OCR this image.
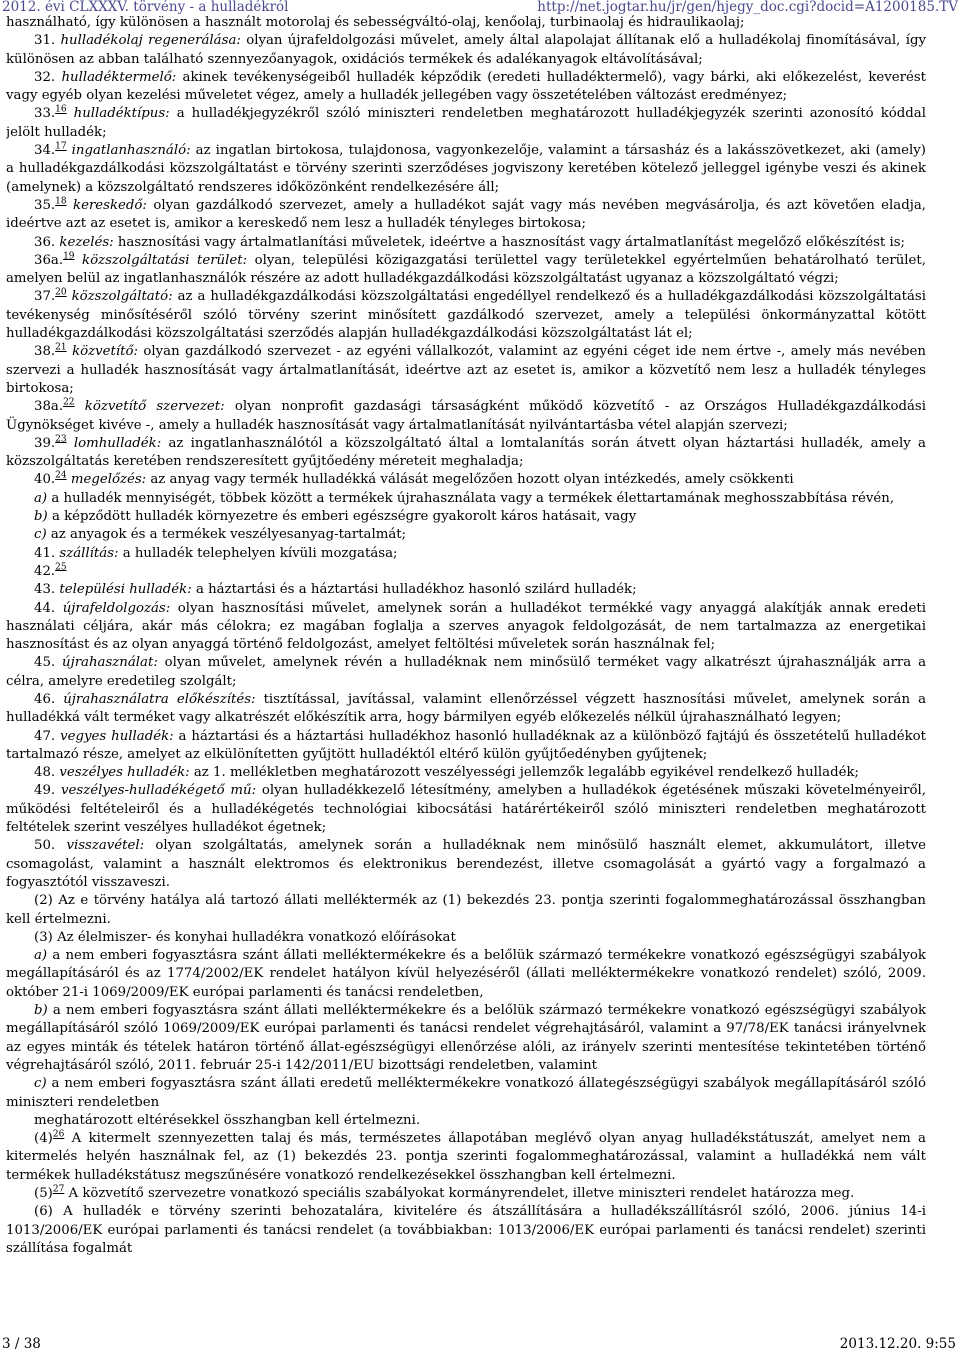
2012. évi CLXXXV. törvény - a hulladékról	http://net.jogtar.hu/jr/gen/hjegy_doc.cgi?docid=A1200185.TV

használható, így különösen a használt motorolaj és sebességváltó-olaj, kenőolaj, turbinaolaj és hidraulikaolaj;

31. hulladékolaj regenerálása: olyan újrafeldolgozási művelet, amely által alapolajat állítanak elő a hulladékolaj finomításával, így különösen az abban található szennyezőanyagok, oxidációs termékek és adalékanyagok eltávolításával;

32. hulladéktermelő: akinek tevékenységeiből hulladék képződik (eredeti hulladéktermelő), vagy bárki, aki előkezelést, keverést vagy egyéb olyan kezelési műveletet végez, amely a hulladék jellegében vagy összetételében változást eredményez;

33.16 hulladéktípus: a hulladékjegyzékről szóló miniszteri rendeletben meghatározott hulladékjegyzék szerinti azonosító kóddal jelölt hulladék;

34.17 ingatlanhasználó: az ingatlan birtokosa, tulajdonosa, vagyonkezelője, valamint a társasház és a lakásszövetkezet, aki (amely) a hulladékgazdálkodási közszolgáltatást e törvény szerinti szerződéses jogviszony keretében kötelező jelleggel igénybe veszi és akinek (amelynek) a közszolgáltató rendszeres időközönként rendelkezésére áll;

35.18 kereskedő: olyan gazdálkodó szervezet, amely a hulladékot saját vagy más nevében megvásárolja, és azt követően eladja, ideértve azt az esetet is, amikor a kereskedő nem lesz a hulladék tényleges birtokosa;

36. kezelés: hasznosítási vagy ártalmatlanítási műveletek, ideértve a hasznosítást vagy ártalmatlanítást megelőző előkészítést is;

36a.$^{19}$ közszolgáltatási terület: olyan, települési közigazgatási területtel vagy területekkel egyértelműen behatárolható terület, amelyen belül az ingatlanhasználók részére az adott hulladékgazdálkodási közszolgáltatást ugyanaz a közszolgáltató végzi;

37.20 közszolgáltató: az a hulladékgazdálkodási közszolgáltatási engedéllyel rendelkező és a hulladékgazdálkodási közszolgáltatási tevékenység minősítéséről szóló törvény szerint minősített gazdálkodó szervezet, amely a települési önkormányzattal kötött hulladékgazdálkodási közszolgáltatási szerződés alapján hulladékgazdálkodási közszolgáltatást lát el;

38.21 közvetítő: olyan gazdálkodó szervezet - az egyéni vállalkozót, valamint az egyéni céget ide nem értve -, amely más nevében szervezi a hulladék hasznosítását vagy ártalmatlanítását, ideértve azt az esetet is, amikor a közvetítő nem lesz a hulladék tényleges birtokosa;

38a.$^{22}$ közvetítő szervezet: olyan nonprofit gazdasági társaságként működő közvetítő - az Országos Hulladékgazdálkodási Ügynökséget kivéve -, amely a hulladék hasznosítását vagy ártalmatlanítását nyilvántartásba vétel alapján szervezi;

39.23 lomhulladék: az ingatlanhasználótól a közszolgáltató által a lomtalanítás során átvett olyan háztartási hulladék, amely a közszolgáltatás keretében rendszeresített gyűjtőedény méreteit meghaladja;

40.24 megelőzés: az anyag vagy termék hulladékká válását megelőzően hozott olyan intézkedés, amely csökkenti

a) a hulladék mennyiségét, többek között a termékek újrahasználata vagy a termékek élettartamának meghosszabbítása révén,

b) a képződött hulladék környezetre és emberi egészségre gyakorolt káros hatásait, vagy

c) az anyagok és a termékek veszélyesanyag-tartalmát;

41. szállítás: a hulladék telephelyen kívüli mozgatása;

42.25

43. települési hulladék: a háztartási és a háztartási hulladékhoz hasonló szilárd hulladék;

44. újrafeldolgozás: olyan hasznosítási művelet, amelynek során a hulladékot termékké vagy anyaggá alakítják annak eredeti használati céljára, akár más célokra; ez magában foglalja a szerves anyagok feldolgozását, de nem tartalmazza az energetikai hasznosítást és az olyan anyaggá történő feldolgozást, amelyet feltöltési műveletek során használnak fel;

45. újrahasználat: olyan művelet, amelynek révén a hulladéknak nem minősülő terméket vagy alkatrészt újrahasználják arra a célra, amelyre eredetileg szolgált;

46. újrahasználatra előkészítés: tisztítással, javítással, valamint ellenőrzéssel végzett hasznosítási művelet, amelynek során a hulladékká vált terméket vagy alkatrészét előkészítik arra, hogy bármilyen egyéb előkezelés nélkül újrahasználható legyen;

47. vegyes hulladék: a háztartási és a háztartási hulladékhoz hasonló hulladéknak az a különböző fajtájú és összetételű hulladékot tartalmazó része, amelyet az elkülönítetten gyűjtött hulladéktól eltérő külön gyűjtőedényben gyűjtenek;

48. veszélyes hulladék: az 1. mellékletben meghatározott veszélyességi jellemzők legalább egyikével rendelkező hulladék;

49. veszélyes-hulladékégető mű: olyan hulladékkezelő létesítmény, amelyben a hulladékok égetésének műszaki követelményeiről, működési feltételeiről és a hulladékégetés technológiai kibocsátási határértékeiről szóló miniszteri rendeletben meghatározott feltételek szerint veszélyes hulladékot égetnek;

50. visszavétel: olyan szolgáltatás, amelynek során a hulladéknak nem minősülő használt elemet, akkumulátort, illetve csomagolást, valamint a használt elektromos és elektronikus berendezést, illetve csomagolását a gyártó vagy a forgalmazó a fogyasztótól visszaveszi.

(2) Az e törvény hatálya alá tartozó állati melléktermék az (1) bekezdés 23. pontja szerinti fogalommeghatározással összhangban kell értelmezni.

(3) Az élelmiszer- és konyhai hulladékra vonatkozó előírásokat

a) a nem emberi fogyasztásra szánt állati melléktermékekre és a belőlük származó termékekre vonatkozó egészségügyi szabályok megállapításáról és az 1774/2002/EK rendelet hatályon kívül helyezéséről (állati melléktermékekre vonatkozó rendelet) szóló, 2009. október 21-i 1069/2009/EK európai parlamenti és tanácsi rendeletben,

b) a nem emberi fogyasztásra szánt állati melléktermékekre és a belőlük származó termékekre vonatkozó egészségügyi szabályok megállapításáról szóló 1069/2009/EK európai parlamenti és tanácsi rendelet végrehajtásáról, valamint a 97/78/EK tanácsi irányelvnek az egyes minták és tételek határon történő állat-egészségügyi ellenőrzése alóli, az irányelv szerinti mentesítése tekintetében történő végrehajtásáról szóló, 2011. február 25-i 142/2011/EU bizottsági rendeletben, valamint

c) a nem emberi fogyasztásra szánt állati eredetű melléktermékekre vonatkozó állategészségügyi szabályok megállapításáról szóló miniszteri rendeletben

meghatározott eltérésekkel összhangban kell értelmezni.

$(4)^{26}$ A kitermelt szennyezetten talaj és más, természetes állapotában meglévő olyan anyag hulladékstátuszát, amelyet nem a kitermelés helyén használnak fel, az (1) bekezdés 23. pontja szerinti fogalommeghatározással, valamint a hulladékká nem vált termékek hulladékstátusz megszűnésére vonatkozó rendelkezésekkel összhangban kell értelmezni.

$(5)^{27}$ A közvetítő szervezetre vonatkozó speciális szabályokat kormányrendelet, illetve miniszteri rendelet határozza meg.

(6) A hulladék e törvény szerinti behozatalára, kivitelére és átszállítására a hulladékszállításról szóló, 2006. június 14-i 1013/2006/EK európai parlamenti és tanácsi rendelet (a továbbiakban: 1013/2006/EK európai parlamenti és tanácsi rendelet) szerinti szállítása fogalmát

3 / 38	2013.12.20. 9:55
